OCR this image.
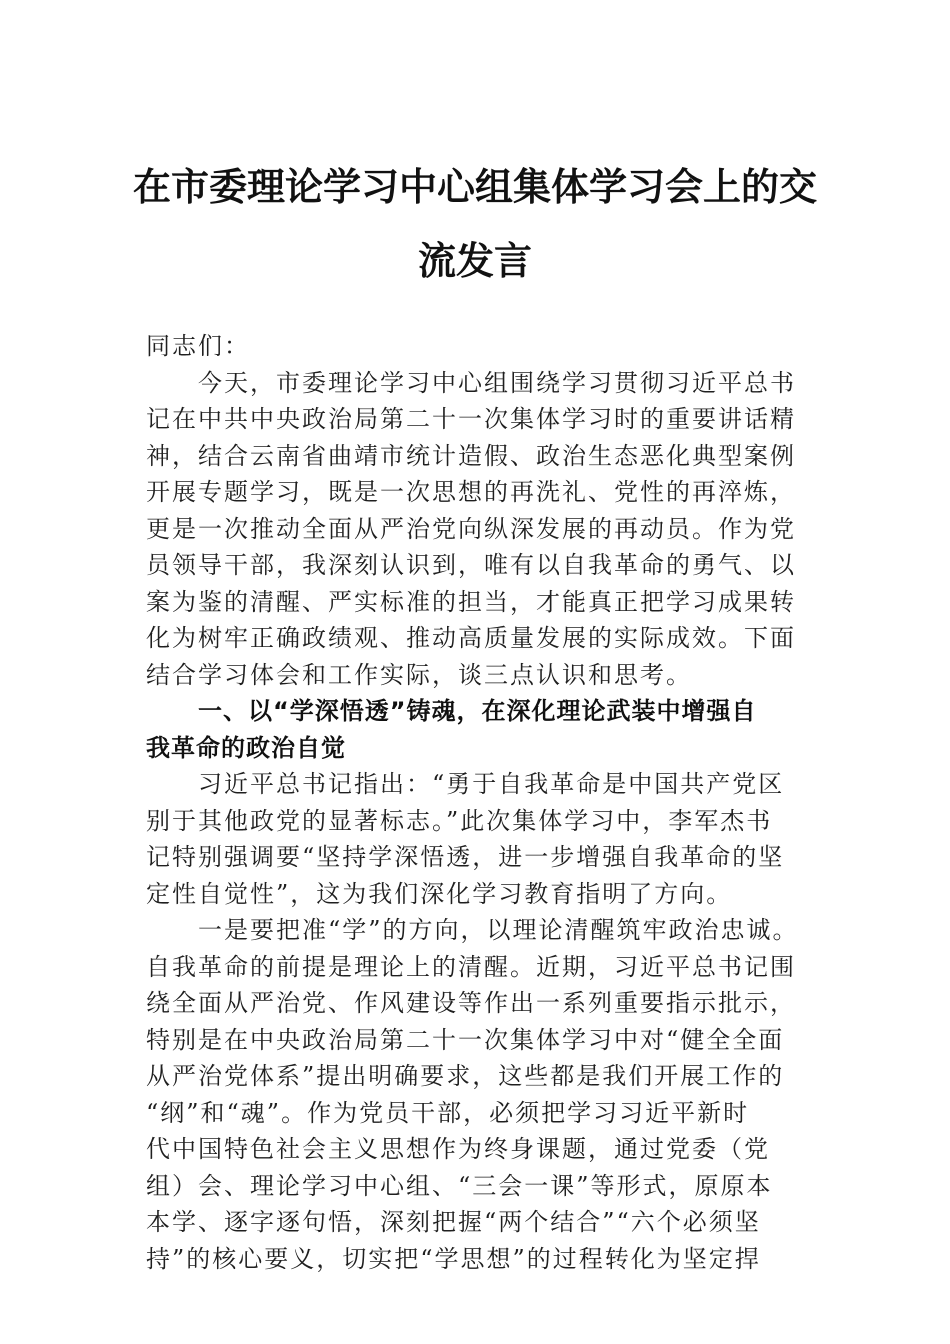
在市委理论学习中心组集体学习会上的交
流发言
同志们：
今天，市委理论学习中心组围绕学习贯彻习近平总书
记在中共中央政治局第二十一次集体学习时的重要讲话精
神，结合云南省曲靖市统计造假、政治生态恶化典型案例
开展专题学习，既是一次思想的再洗礼、党性的再淬炼，
更是一次推动全面从严治党向纵深发展的再动员。作为党
员领导干部，我深刻认识到，唯有以自我革命的勇气、以
案为鉴的清醒、严实标准的担当，才能真正把学习成果转
化为树牢正确政绩观、推动高质量发展的实际成效。下面
结合学习体会和工作实际，谈三点认识和思考。
一、以“学深悟透”铸魂，在深化理论武装中增强自
我革命的政治自觉
习近平总书记指出：“勇于自我革命是中国共产党区
别于其他政党的显著标志。”此次集体学习中，李军杰书
记特别强调要“坚持学深悟透，进一步增强自我革命的坚
定性自觉性”，这为我们深化学习教育指明了方向。
一是要把准“学”的方向，以理论清醒筑牢政治忠诚。
自我革命的前提是理论上的清醒。近期，习近平总书记围
绕全面从严治党、作风建设等作出一系列重要指示批示，
特别是在中央政治局第二十一次集体学习中对“健全全面
从严治党体系”提出明确要求，这些都是我们开展工作的
“纲”和“魂”。作为党员干部，必须把学习习近平新时
代中国特色社会主义思想作为终身课题，通过党委（党
组）会、理论学习中心组、“三会一课”等形式，原原本
本学、逐字逐句悟，深刻把握“两个结合”“六个必须坚
持”的核心要义，切实把“学思想”的过程转化为坚定捍
